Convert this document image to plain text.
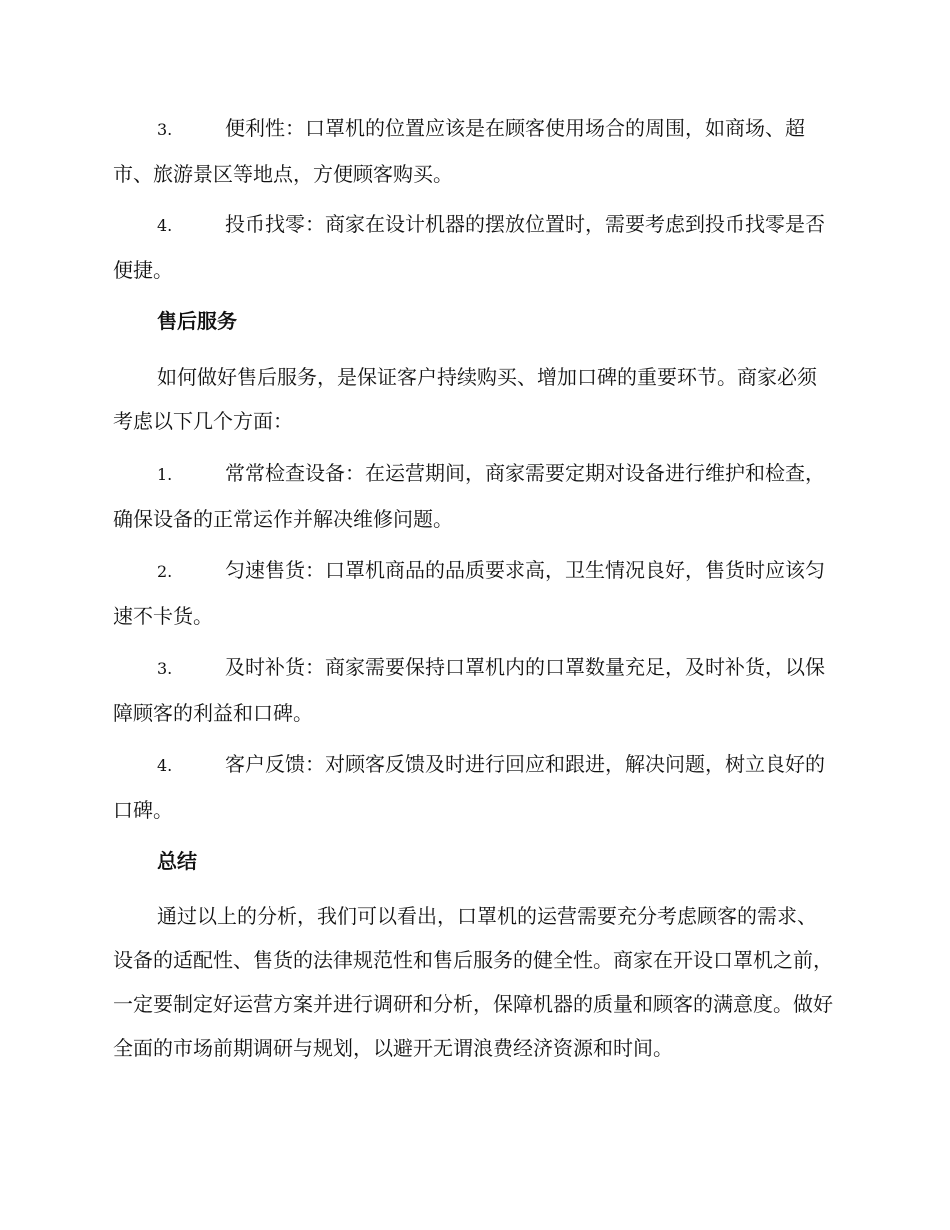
3.	便利性：口罩机的位置应该是在顾客使用场合的周围，如商场、超市、旅游景区等地点，方便顾客购买。
4.	投币找零：商家在设计机器的摆放位置时，需要考虑到投币找零是否便捷。
售后服务
如何做好售后服务，是保证客户持续购买、增加口碑的重要环节。商家必须考虑以下几个方面：
1.	常常检查设备：在运营期间，商家需要定期对设备进行维护和检查，确保设备的正常运作并解决维修问题。
2.	匀速售货：口罩机商品的品质要求高，卫生情况良好，售货时应该匀速不卡货。
3.	及时补货：商家需要保持口罩机内的口罩数量充足，及时补货，以保障顾客的利益和口碑。
4.	客户反馈：对顾客反馈及时进行回应和跟进，解决问题，树立良好的口碑。
总结
通过以上的分析，我们可以看出，口罩机的运营需要充分考虑顾客的需求、设备的适配性、售货的法律规范性和售后服务的健全性。商家在开设口罩机之前，一定要制定好运营方案并进行调研和分析，保障机器的质量和顾客的满意度。做好全面的市场前期调研与规划，以避开无谓浪费经济资源和时间。
